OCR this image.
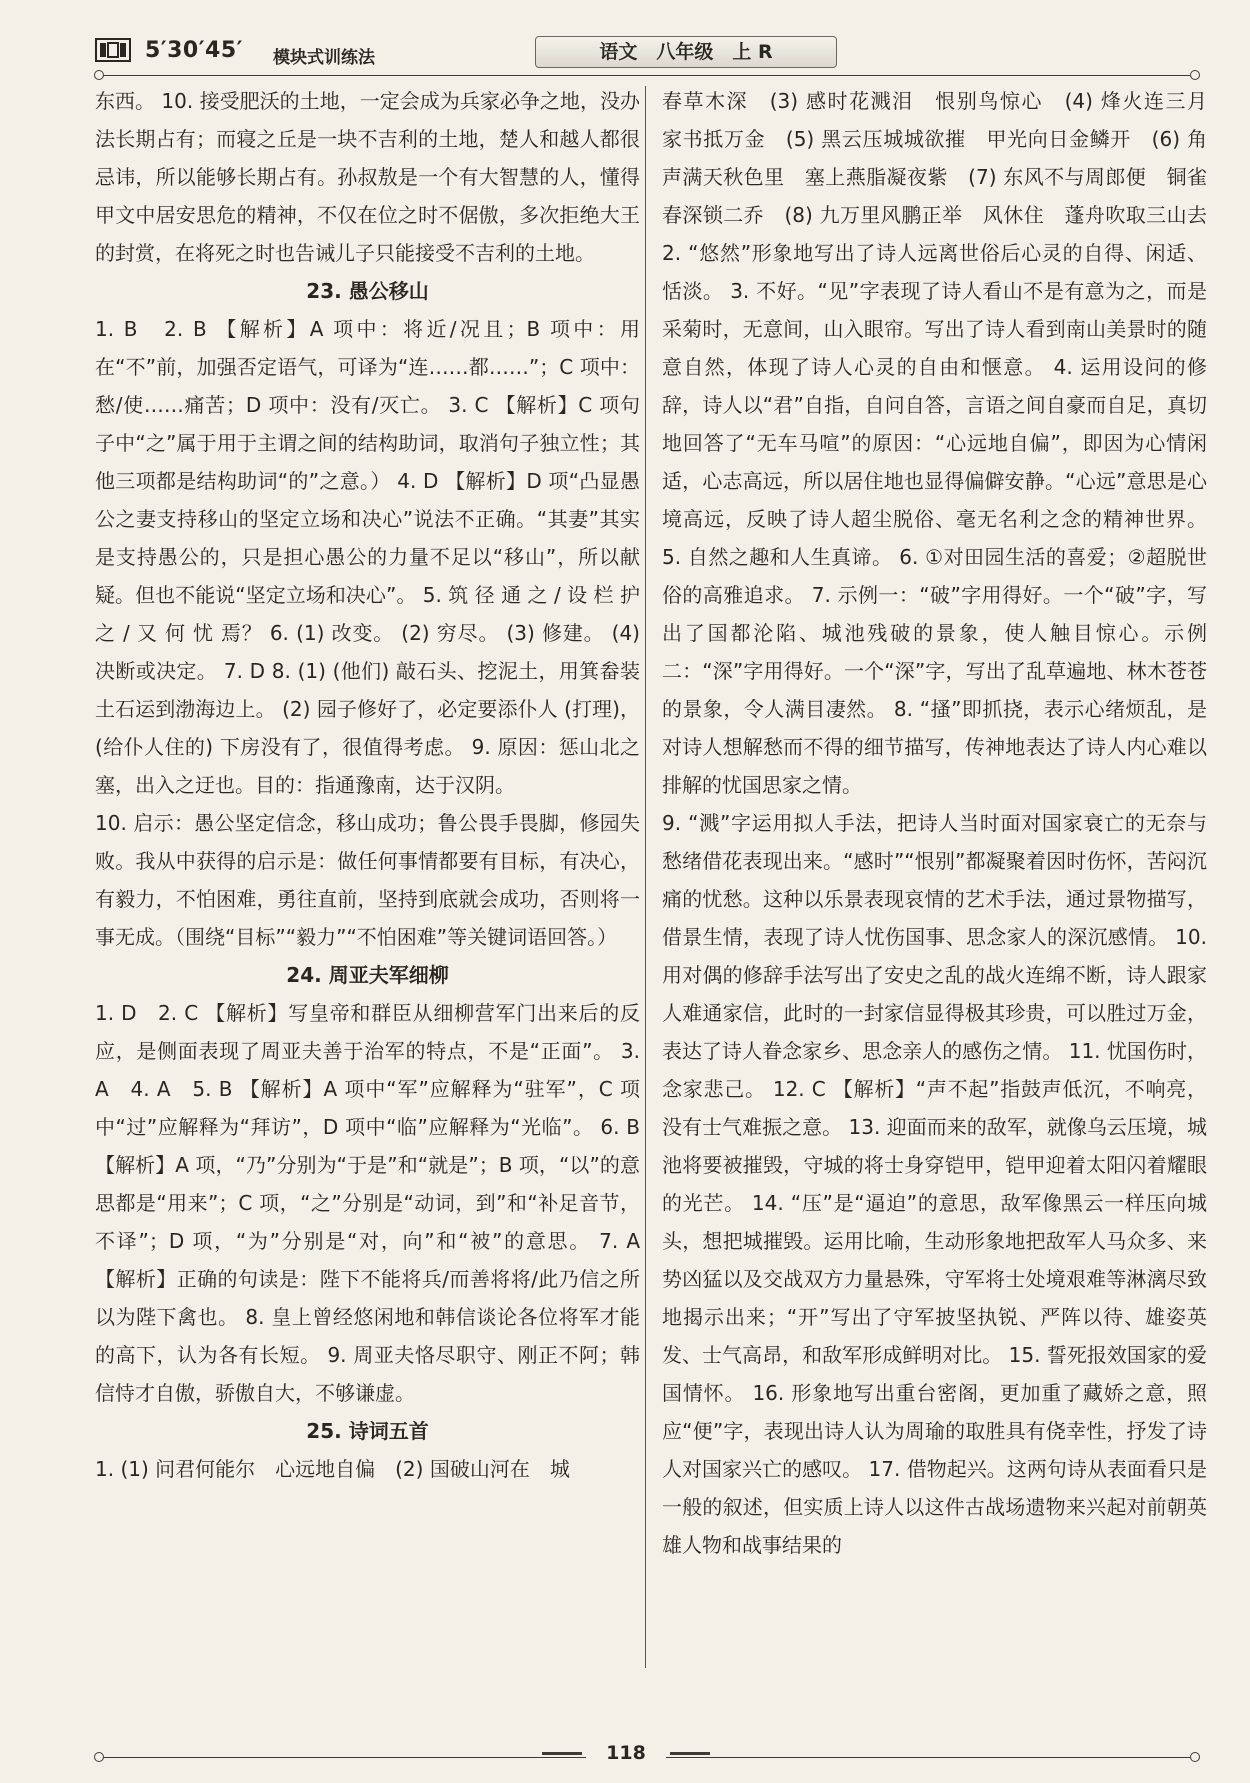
5′30′45′ 模块式训练法	语文　八年级　上 R

东西。 10. 接受肥沃的土地，一定会成为兵家必争之地，没办法长期占有；而寝之丘是一块不吉利的土地，楚人和越人都很忌讳，所以能够长期占有。孙叔敖是一个有大智慧的人，懂得甲文中居安思危的精神，不仅在位之时不倨傲，多次拒绝大王的封赏，在将死之时也告诫儿子只能接受不吉利的土地。

23. 愚公移山

1. B　2. B 【解析】A 项中：将近/况且；B 项中：用在“不”前，加强否定语气，可译为“连……都……”；C 项中：愁/使……痛苦；D 项中：没有/灭亡。 3. C 【解析】C 项句子中“之”属于用于主谓之间的结构助词，取消句子独立性；其他三项都是结构助词“的”之意。） 4. D 【解析】D 项“凸显愚公之妻支持移山的坚定立场和决心”说法不正确。“其妻”其实是支持愚公的，只是担心愚公的力量不足以“移山”，所以献疑。但也不能说“坚定立场和决心”。 5. 筑 径 通 之 / 设 栏 护 之 / 又 何 忧 焉？ 6. (1) 改变。 (2) 穷尽。 (3) 修建。 (4) 决断或决定。 7. D 8. (1) (他们) 敲石头、挖泥土，用箕畚装土石运到渤海边上。 (2) 园子修好了，必定要添仆人 (打理)，(给仆人住的) 下房没有了，很值得考虑。 9. 原因：惩山北之塞，出入之迂也。目的：指通豫南，达于汉阴。

10. 启示：愚公坚定信念，移山成功；鲁公畏手畏脚，修园失败。我从中获得的启示是：做任何事情都要有目标，有决心，有毅力，不怕困难，勇往直前，坚持到底就会成功，否则将一事无成。（围绕“目标”“毅力”“不怕困难”等关键词语回答。）

24. 周亚夫军细柳

1. D　2. C 【解析】写皇帝和群臣从细柳营军门出来后的反应，是侧面表现了周亚夫善于治军的特点，不是“正面”。 3. A　4. A　5. B 【解析】A 项中“军”应解释为“驻军”，C 项中“过”应解释为“拜访”，D 项中“临”应解释为“光临”。 6. B 【解析】A 项，“乃”分别为“于是”和“就是”；B 项，“以”的意思都是“用来”；C 项，“之”分别是“动词，到”和“补足音节，不译”；D 项，“为”分别是“对，向”和“被”的意思。 7. A 【解析】正确的句读是：陛下不能将兵/而善将将/此乃信之所以为陛下禽也。 8. 皇上曾经悠闲地和韩信谈论各位将军才能的高下，认为各有长短。 9. 周亚夫恪尽职守、刚正不阿；韩信恃才自傲，骄傲自大，不够谦虚。

25. 诗词五首

1. (1) 问君何能尔　心远地自偏　(2) 国破山河在　城

春草木深　(3) 感时花溅泪　恨别鸟惊心　(4) 烽火连三月　家书抵万金　(5) 黑云压城城欲摧　甲光向日金鳞开　(6) 角声满天秋色里　塞上燕脂凝夜紫　(7) 东风不与周郎便　铜雀春深锁二乔　(8) 九万里风鹏正举　风休住　蓬舟吹取三山去　2. “悠然”形象地写出了诗人远离世俗后心灵的自得、闲适、恬淡。 3. 不好。“见”字表现了诗人看山不是有意为之，而是采菊时，无意间，山入眼帘。写出了诗人看到南山美景时的随意自然，体现了诗人心灵的自由和惬意。 4. 运用设问的修辞，诗人以“君”自指，自问自答，言语之间自豪而自足，真切地回答了“无车马喧”的原因：“心远地自偏”，即因为心情闲适，心志高远，所以居住地也显得偏僻安静。“心远”意思是心境高远，反映了诗人超尘脱俗、毫无名利之念的精神世界。 5. 自然之趣和人生真谛。 6. ①对田园生活的喜爱；②超脱世俗的高雅追求。 7. 示例一：“破”字用得好。一个“破”字，写出了国都沦陷、城池残破的景象，使人触目惊心。示例二：“深”字用得好。一个“深”字，写出了乱草遍地、林木苍苍的景象，令人满目凄然。 8. “搔”即抓挠，表示心绪烦乱，是对诗人想解愁而不得的细节描写，传神地表达了诗人内心难以排解的忧国思家之情。

9. “溅”字运用拟人手法，把诗人当时面对国家衰亡的无奈与愁绪借花表现出来。“感时”“恨别”都凝聚着因时伤怀，苦闷沉痛的忧愁。这种以乐景表现哀情的艺术手法，通过景物描写，借景生情，表现了诗人忧伤国事、思念家人的深沉感情。 10. 用对偶的修辞手法写出了安史之乱的战火连绵不断，诗人跟家人难通家信，此时的一封家信显得极其珍贵，可以胜过万金，表达了诗人眷念家乡、思念亲人的感伤之情。 11. 忧国伤时，念家悲己。 12. C 【解析】“声不起”指鼓声低沉，不响亮，没有士气难振之意。 13. 迎面而来的敌军，就像乌云压境，城池将要被摧毁，守城的将士身穿铠甲，铠甲迎着太阳闪着耀眼的光芒。 14. “压”是“逼迫”的意思，敌军像黑云一样压向城头，想把城摧毁。运用比喻，生动形象地把敌军人马众多、来势凶猛以及交战双方力量悬殊，守军将士处境艰难等淋漓尽致地揭示出来；“开”写出了守军披坚执锐、严阵以待、雄姿英发、士气高昂，和敌军形成鲜明对比。 15. 誓死报效国家的爱国情怀。 16. 形象地写出重台密阁，更加重了藏娇之意，照应“便”字，表现出诗人认为周瑜的取胜具有侥幸性，抒发了诗人对国家兴亡的感叹。 17. 借物起兴。这两句诗从表面看只是一般的叙述，但实质上诗人以这件古战场遗物来兴起对前朝英雄人物和战事结果的

118
